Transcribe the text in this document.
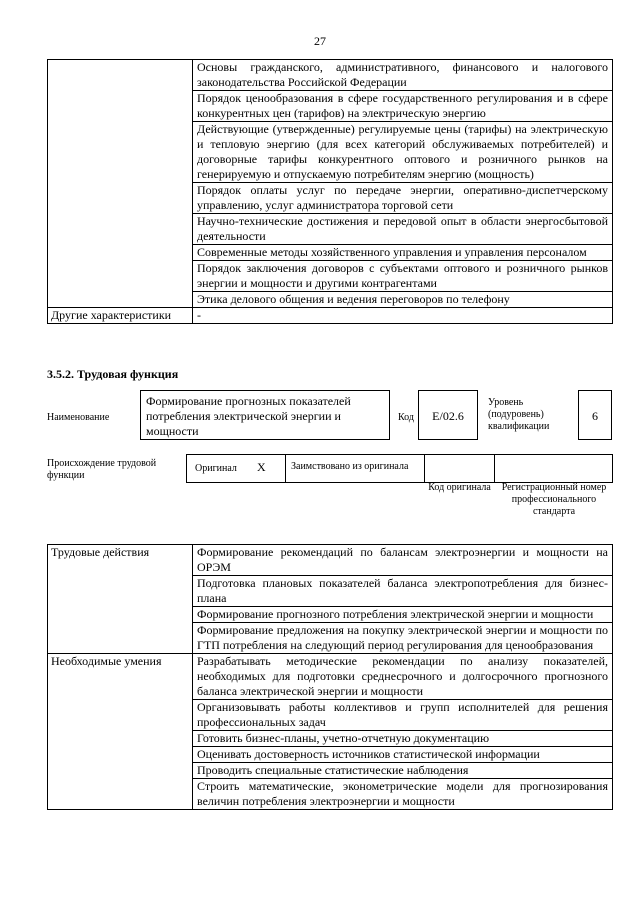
27
	Основы гражданского, административного, финансового и налогового законодательства Российской Федерации
	Порядок ценообразования в сфере государственного регулирования и в сфере конкурентных цен (тарифов) на электрическую энергию
	Действующие (утвержденные) регулируемые цены (тарифы) на электрическую и тепловую энергию (для всех категорий обслуживаемых потребителей) и договорные тарифы конкурентного оптового и розничного рынков на генерируемую и отпускаемую потребителям энергию (мощность)
	Порядок оплаты услуг по передаче энергии, оперативно-диспетчерскому управлению, услуг администратора торговой сети
	Научно-технические достижения и передовой опыт в области энергосбытовой деятельности
	Современные методы хозяйственного управления и управления персоналом
	Порядок заключения договоров с субъектами оптового и розничного рынков энергии и мощности и другими контрагентами
	Этика делового общения и ведения переговоров по телефону
Другие характеристики	-
3.5.2. Трудовая функция
Наименование
Формирование прогнозных показателей потребления электрической энергии и мощности
Код	E/02.6
Уровень (подуровень) квалификации
6
Происхождение трудовой функции
Оригинал X	Заимствовано из оригинала
Код оригинала	Регистрационный номер профессионального стандарта
Трудовые действия	Формирование рекомендаций по балансам электроэнергии и мощности на ОРЭМ
	Подготовка плановых показателей баланса электропотребления для бизнес-плана
	Формирование прогнозного потребления электрической энергии и мощности
	Формирование предложения на покупку электрической энергии и мощности по ГТП потребления на следующий период регулирования для ценообразования
Необходимые умения	Разрабатывать методические рекомендации по анализу показателей, необходимых для подготовки среднесрочного и долгосрочного прогнозного баланса электрической энергии и мощности
	Организовывать работы коллективов и групп исполнителей для решения профессиональных задач
	Готовить бизнес-планы, учетно-отчетную документацию
	Оценивать достоверность источников статистической информации
	Проводить специальные статистические наблюдения
	Строить математические, эконометрические модели для прогнозирования величин потребления электроэнергии и мощности
